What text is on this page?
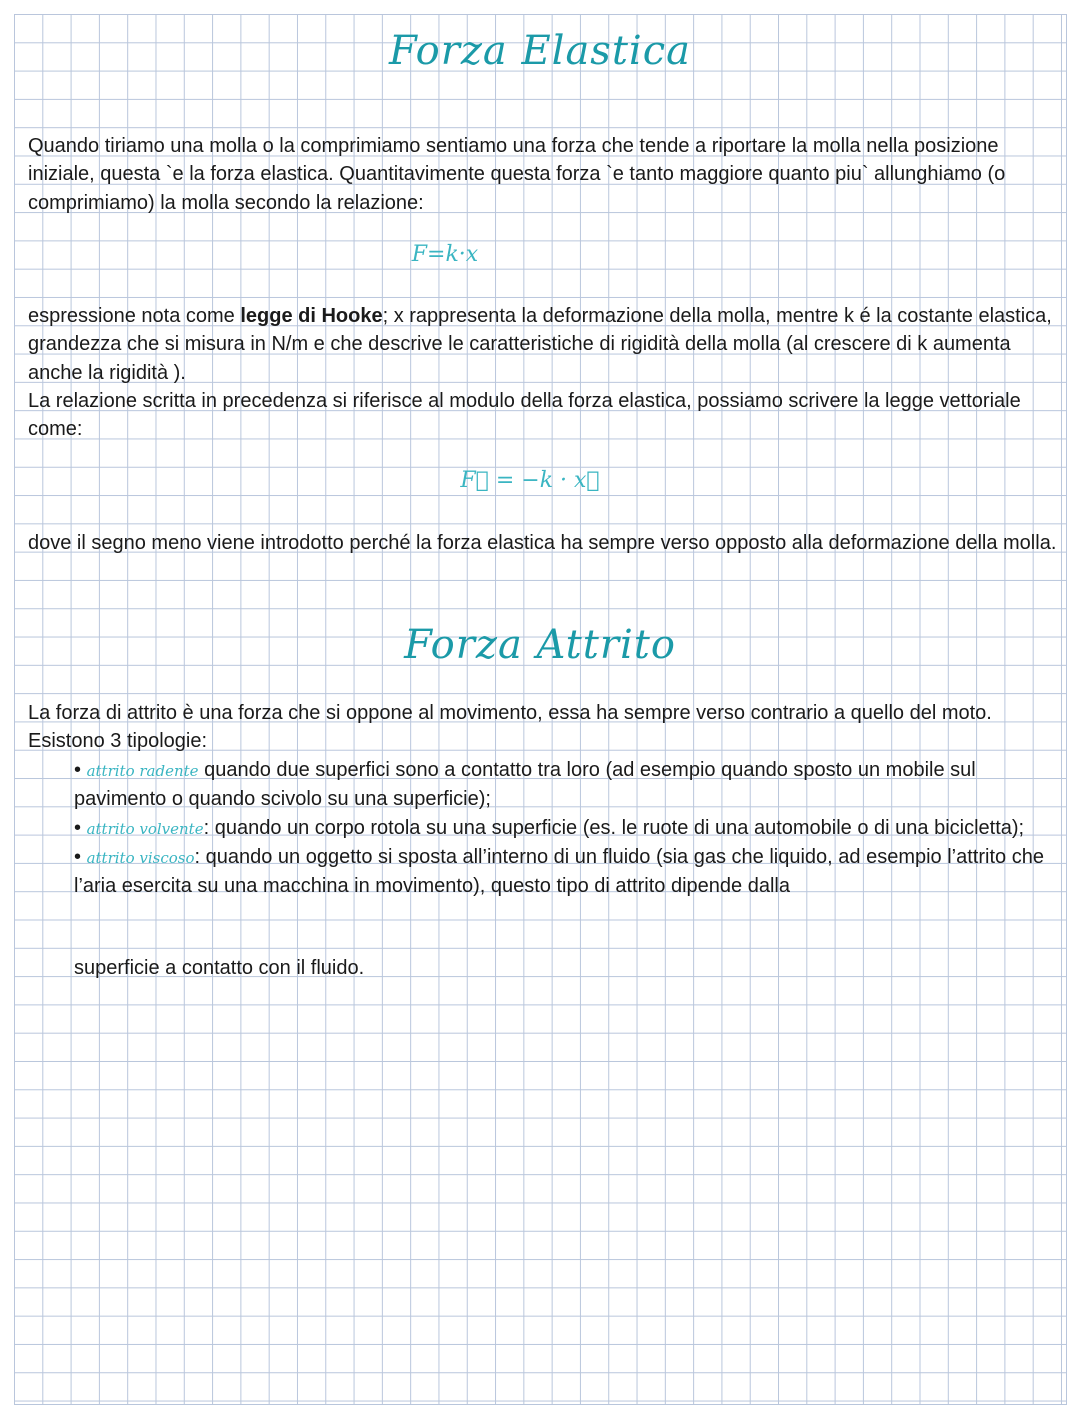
Forza Elastica

Quando tiriamo una molla o la comprimiamo sentiamo una forza che tende a riportare la molla nella posizione iniziale, questa `e la forza elastica. Quantitavimente questa forza `e tanto maggiore quanto piu` allunghiamo (o comprimiamo) la molla secondo la relazione:

F=k·x

espressione nota come legge di Hooke; x rappresenta la deformazione della molla, mentre k é la costante elastica, grandezza che si misura in N/m e che descrive le caratteristiche di rigidità della molla (al crescere di k aumenta anche la rigidità ).
La relazione scritta in precedenza si riferisce al modulo della forza elastica, possiamo scrivere la legge vettoriale come:

F⃗ = −k · x⃗

dove il segno meno viene introdotto perché la forza elastica ha sempre verso opposto alla deformazione della molla.

Forza Attrito

La forza di attrito è una forza che si oppone al movimento, essa ha sempre verso contrario a quello del moto. Esistono 3 tipologie:

• attrito radente quando due superfici sono a contatto tra loro (ad esempio quando sposto un mobile sul pavimento o quando scivolo su una superficie);
• attrito volvente: quando un corpo rotola su una superficie (es. le ruote di una automobile o di una bicicletta);
• attrito viscoso: quando un oggetto si sposta all’interno di un fluido (sia gas che liquido, ad esempio l’attrito che l’aria esercita su una macchina in movimento), questo tipo di attrito dipende dalla
superficie a contatto con il fluido.
